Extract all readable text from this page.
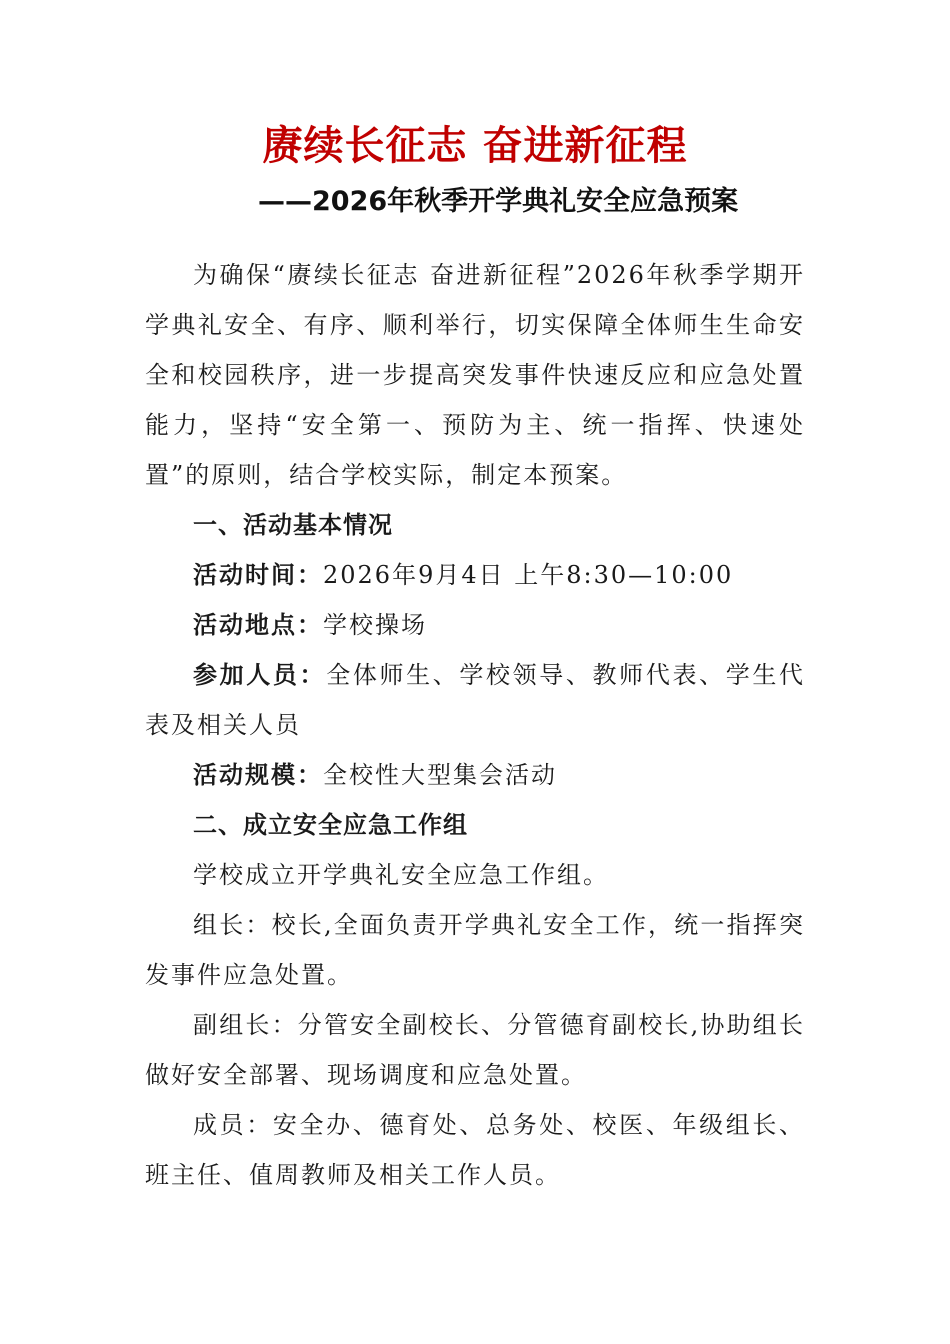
赓续长征志 奋进新征程
——2026年秋季开学典礼安全应急预案

为确保“赓续长征志 奋进新征程”2026年秋季学期开学典礼安全、有序、顺利举行，切实保障全体师生生命安全和校园秩序，进一步提高突发事件快速反应和应急处置能力，坚持“安全第一、预防为主、统一指挥、快速处置”的原则，结合学校实际，制定本预案。

一、活动基本情况

活动时间：2026年9月4日 上午8:30—10:00

活动地点：学校操场

参加人员：全体师生、学校领导、教师代表、学生代表及相关人员

活动规模：全校性大型集会活动

二、成立安全应急工作组

学校成立开学典礼安全应急工作组。

组长：校长,全面负责开学典礼安全工作，统一指挥突发事件应急处置。

副组长：分管安全副校长、分管德育副校长,协助组长做好安全部署、现场调度和应急处置。

成员：安全办、德育处、总务处、校医、年级组长、班主任、值周教师及相关工作人员。
